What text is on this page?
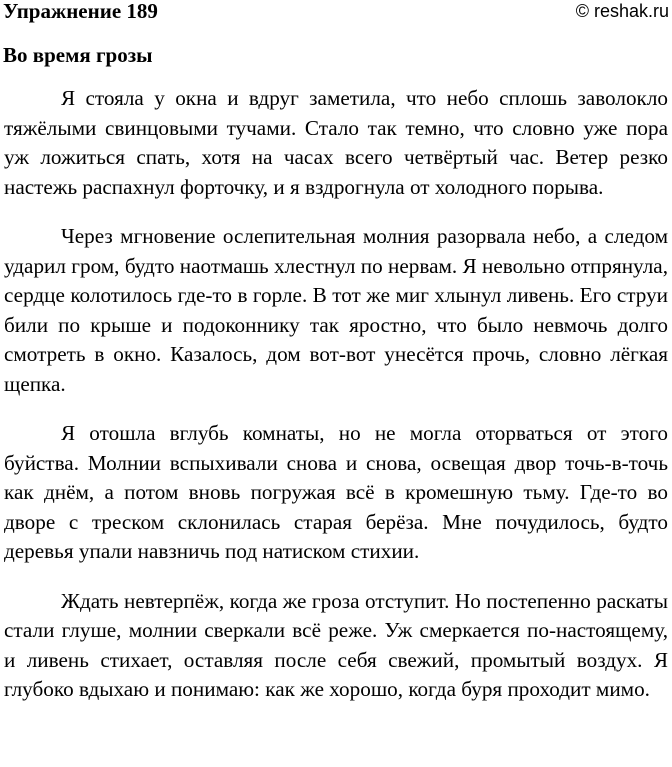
Упражнение 189	© reshak.ru
Во время грозы

Я стояла у окна и вдруг заметила, что небо сплошь заволокло тяжёлыми свинцовыми тучами. Стало так темно, что словно уже пора уж ложиться спать, хотя на часах всего четвёртый час. Ветер резко настежь распахнул форточку, и я вздрогнула от холодного порыва.

Через мгновение ослепительная молния разорвала небо, а следом ударил гром, будто наотмашь хлестнул по нервам. Я невольно отпрянула, сердце колотилось где-то в горле. В тот же миг хлынул ливень. Его струи били по крыше и подоконнику так яростно, что было невмочь долго смотреть в окно. Казалось, дом вот-вот унесётся прочь, словно лёгкая щепка.

Я отошла вглубь комнаты, но не могла оторваться от этого буйства. Молнии вспыхивали снова и снова, освещая двор точь-в-точь как днём, а потом вновь погружая всё в кромешную тьму. Где-то во дворе с треском склонилась старая берёза. Мне почудилось, будто деревья упали навзничь под натиском стихии.

Ждать невтерпёж, когда же гроза отступит. Но постепенно раскаты стали глуше, молнии сверкали всё реже. Уж смеркается по-настоящему, и ливень стихает, оставляя после себя свежий, промытый воздух. Я глубоко вдыхаю и понимаю: как же хорошо, когда буря проходит мимо.
